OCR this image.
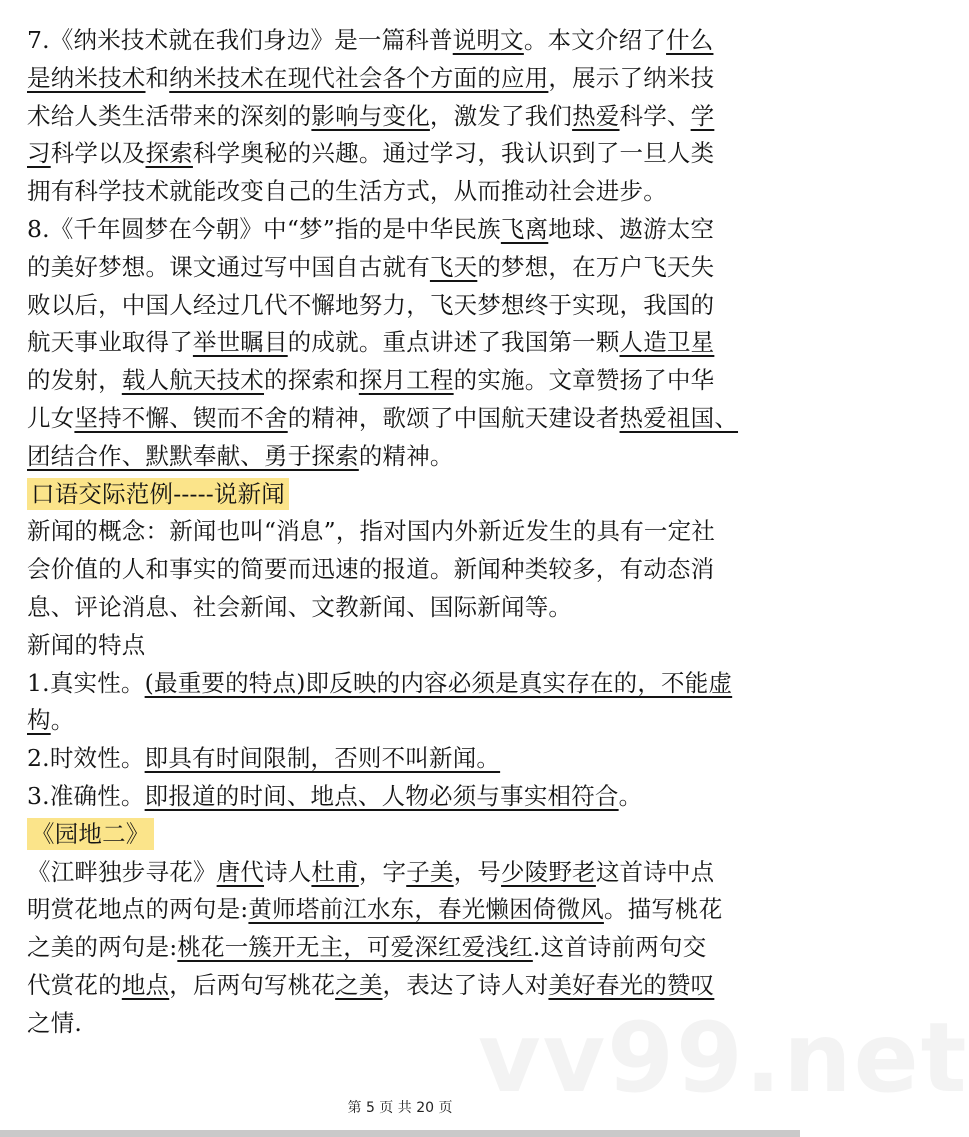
7.《纳米技术就在我们身边》是一篇科普说明文。本文介绍了什么
是纳米技术和纳米技术在现代社会各个方面的应用，展示了纳米技
术给人类生活带来的深刻的影响与变化，激发了我们热爱科学、学
习科学以及探索科学奥秘的兴趣。通过学习，我认识到了一旦人类
拥有科学技术就能改变自己的生活方式，从而推动社会进步。
8.《千年圆梦在今朝》中“梦”指的是中华民族飞离地球、遨游太空
的美好梦想。课文通过写中国自古就有飞天的梦想，在万户飞天失
败以后，中国人经过几代不懈地努力，飞天梦想终于实现，我国的
航天事业取得了举世瞩目的成就。重点讲述了我国第一颗人造卫星
的发射，载人航天技术的探索和探月工程的实施。文章赞扬了中华
儿女坚持不懈、锲而不舍的精神，歌颂了中国航天建设者热爱祖国、
团结合作、默默奉献、勇于探索的精神。
口语交际范例-----说新闻
新闻的概念：新闻也叫“消息”，指对国内外新近发生的具有一定社
会价值的人和事实的简要而迅速的报道。新闻种类较多，有动态消
息、评论消息、社会新闻、文教新闻、国际新闻等。
新闻的特点
1.真实性。(最重要的特点)即反映的内容必须是真实存在的，不能虚
构。
2.时效性。即具有时间限制，否则不叫新闻。
3.准确性。即报道的时间、地点、人物必须与事实相符合。
《园地二》
《江畔独步寻花》唐代诗人杜甫，字子美，号少陵野老这首诗中点
明赏花地点的两句是:黄师塔前江水东，春光懒困倚微风。描写桃花
之美的两句是:桃花一簇开无主，可爱深红爱浅红.这首诗前两句交
代赏花的地点，后两句写桃花之美，表达了诗人对美好春光的赞叹
之情.	vv99.net
第 5 页 共 20 页
